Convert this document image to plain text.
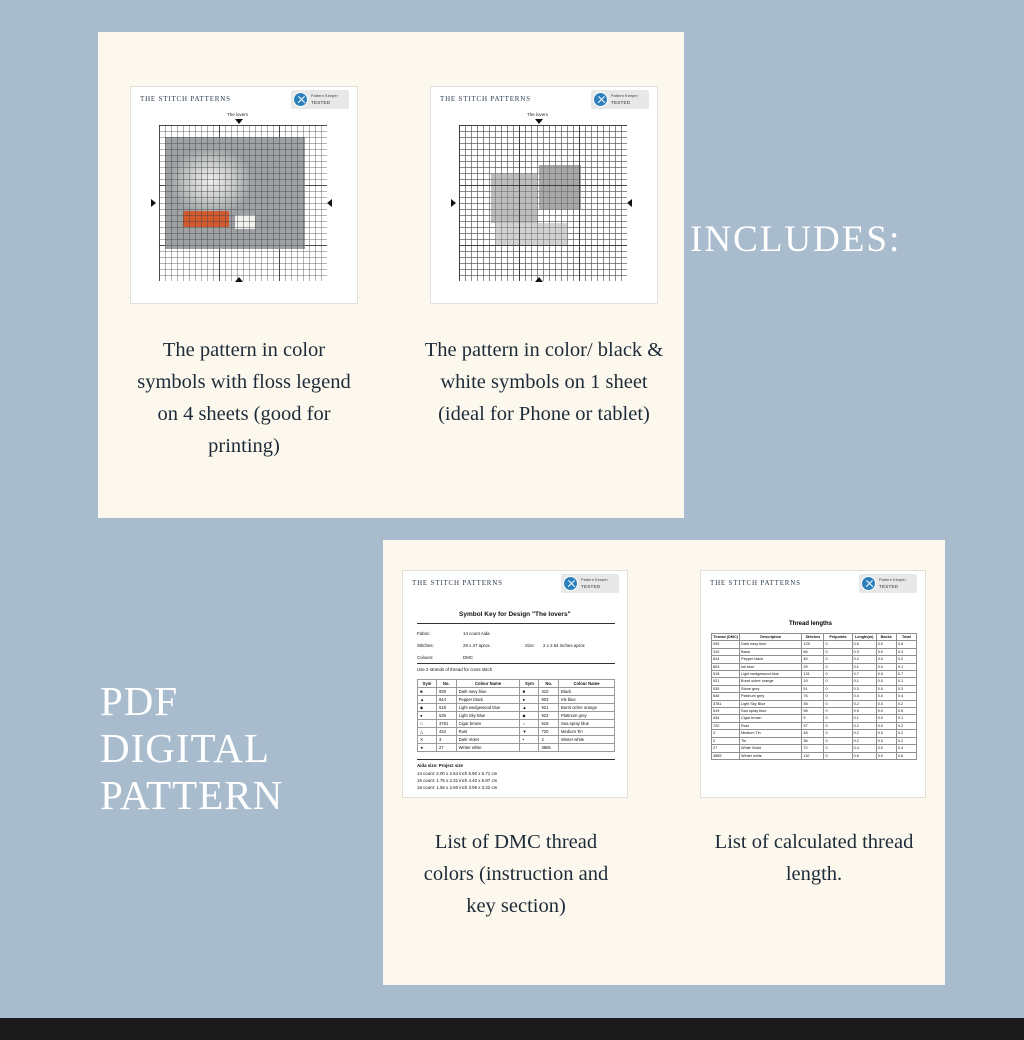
THE STITCH PATTERNS	Pattern Keeper
TESTED
The lovers
THE STITCH PATTERNS	Pattern Keeper
TESTED
The lovers
The pattern in color symbols with floss legend on 4 sheets (good for printing)
The pattern in color/ black & white symbols on 1 sheet (ideal for Phone or tablet)
INCLUDES:
PDF
DIGITAL
PATTERN
THE STITCH PATTERNS	Pattern Keeper
TESTED
Symbol Key for Design "The lovers"
Fabric:	14 count Aida
Stitches:	28 x 37 aprox.	Size: 2 x 2.64 inches aprox
Colours:	DMC
Use 2 strands of thread for cross stitch
Sym	No.	Colour Name	Sym	No.	Colour Name
■	939	Dark navy blue	■	310	Black
▲	844	Pepper black	●	803	Ink blue
◆	518	Light wedgewood blue	▲	921	Burnt ochre orange
●	535	Light Sky Blue	◆	922	Platinum grey
□	3781	Cigar brown	○	519	Sea spray blue
△	434	Rust	▼	720	Medium Tin
✕	3	Dark Violet	•	2	Winter white
★	27	Winter white		3865	
Aida size: Project size
14 count: 2.00 x 2.64 inch 5.90 x 6.71 cm
16 count: 1.75 x 2.31 inch 4.40 x 5.87 cm
18 count: 1.56 x 2.60 inch 3.95 x 3.22 cm
THE STITCH PATTERNS	Pattern Keeper
TESTED
Thread lengths
Thread (DMC)	Description	Stitches	Petpoints	Length(m)	Backs	Total
939	Dark navy blue	125	0	0.6	0.0	0.6
310	Black	66	0	0.3	0.0	0.3
844	Pepper black	46	0	0.2	0.0	0.2
803	Ink blue	29	0	0.1	0.0	0.1
518	Light wedgewood blue	131	0	0.7	0.0	0.7
921	Burnt ochre orange	19	0	0.1	0.0	0.1
535	Stone grey	51	0	0.3	0.0	0.3
646	Platinum grey	76	0	0.4	0.0	0.4
3781	Light Sky Blue	38	0	0.2	0.0	0.2
519	Sea spray blue	98	0	0.5	0.0	0.5
434	Cigar brown	9	0	0.1	0.0	0.1
720	Rust	37	0	0.2	0.0	0.2
3	Medium Tin	48	0	0.2	0.0	0.2
2	Tin	36	0	0.2	0.0	0.2
27	White Violet	72	0	0.4	0.0	0.4
3865	Winter white	110	0	0.6	0.0	0.6
List of DMC thread colors (instruction and key section)
List of calculated thread length.
